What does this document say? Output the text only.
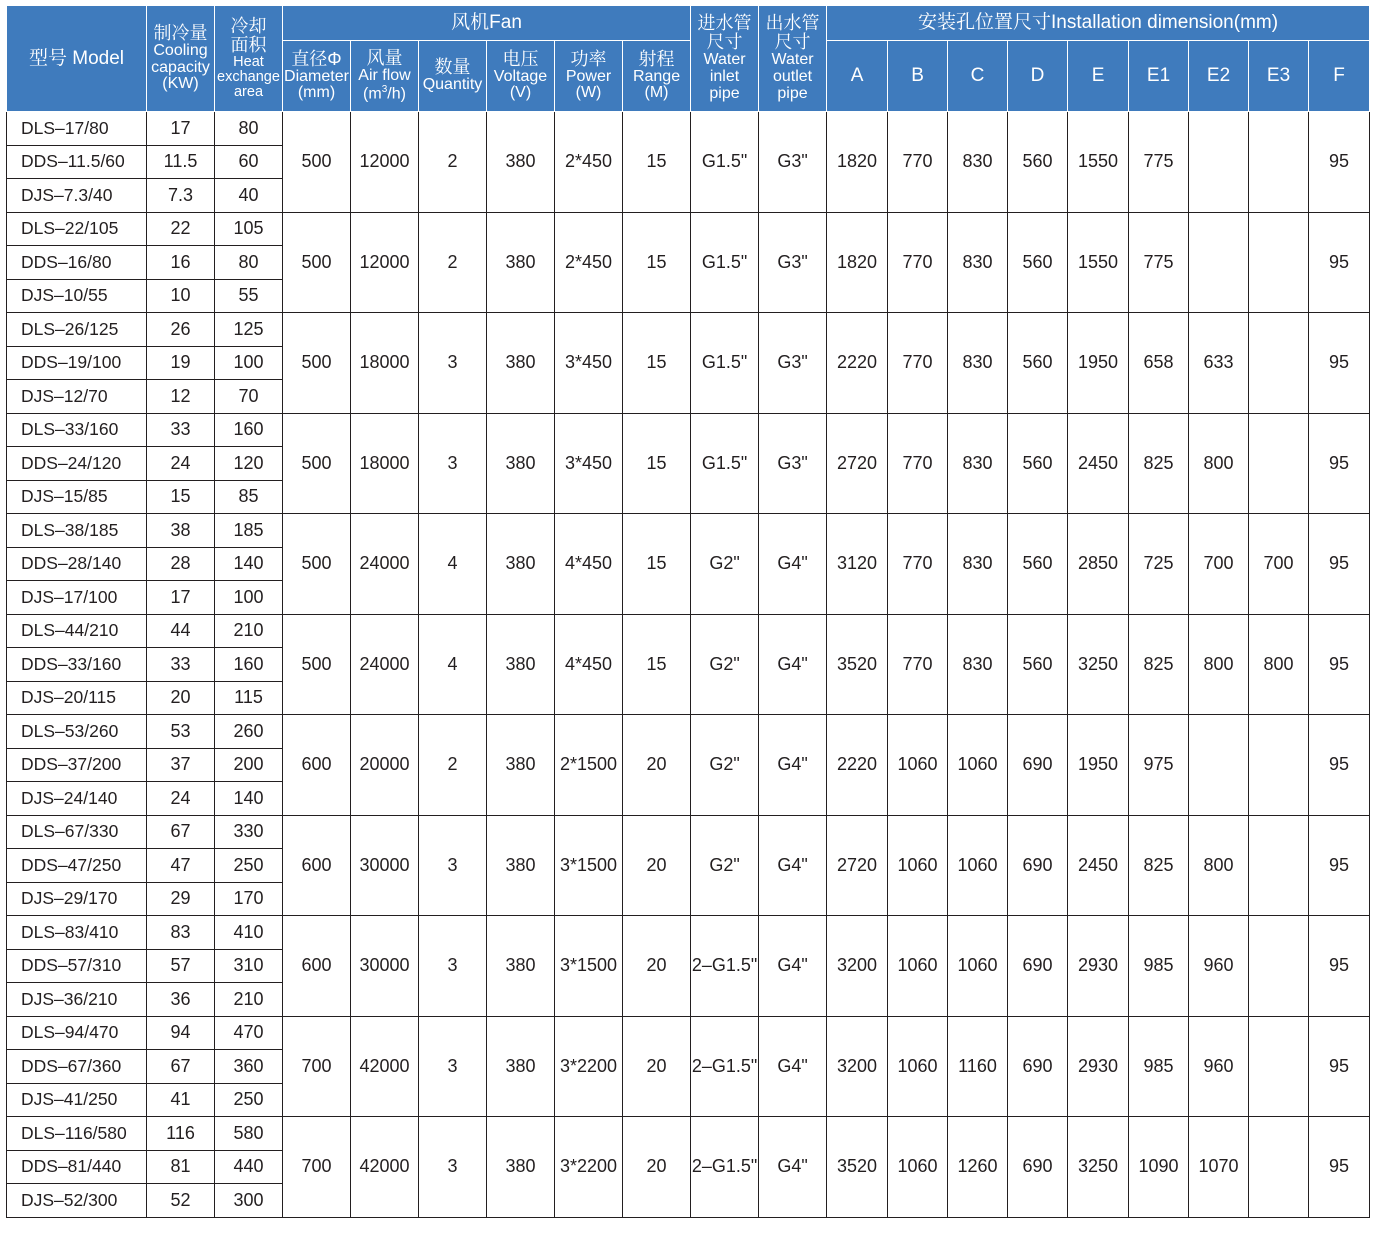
型号 Model	制冷量
Cooling
capacity
(KW)	冷却
面积
Heat
exchange
area	风机Fan						进水管
尺寸
Water
inlet
pipe	出水管
尺寸
Water
outlet
pipe	安装孔位置尺寸Installation dimension(mm)								

			直径Φ
Diameter
(mm)	风量
Air flow
$(m^3/h)$	数量
Quantity	电压
Voltage
(V)	功率
Power
(W)	射程
Range
(M)			A	B	C	D	E	E1	E2	E3	F
DLS–17/80	17	80	500	12000	2	380	2*450	15	G1.5"	G3"	1820	770	830	560	1550	775			95
DDS–11.5/60	11.5	60																	
DJS–7.3/40	7.3	40																	
DLS–22/105	22	105	500	12000	2	380	2*450	15	G1.5"	G3"	1820	770	830	560	1550	775			95
DDS–16/80	16	80																	
DJS–10/55	10	55																	
DLS–26/125	26	125	500	18000	3	380	3*450	15	G1.5"	G3"	2220	770	830	560	1950	658	633		95
DDS–19/100	19	100																	
DJS–12/70	12	70																	
DLS–33/160	33	160	500	18000	3	380	3*450	15	G1.5"	G3"	2720	770	830	560	2450	825	800		95
DDS–24/120	24	120																	
DJS–15/85	15	85																	
DLS–38/185	38	185	500	24000	4	380	4*450	15	G2"	G4"	3120	770	830	560	2850	725	700	700	95
DDS–28/140	28	140																	
DJS–17/100	17	100																	
DLS–44/210	44	210	500	24000	4	380	4*450	15	G2"	G4"	3520	770	830	560	3250	825	800	800	95
DDS–33/160	33	160																	
DJS–20/115	20	115																	
DLS–53/260	53	260	600	20000	2	380	2*1500	20	G2"	G4"	2220	1060	1060	690	1950	975			95
DDS–37/200	37	200																	
DJS–24/140	24	140																	
DLS–67/330	67	330	600	30000	3	380	3*1500	20	G2"	G4"	2720	1060	1060	690	2450	825	800		95
DDS–47/250	47	250																	
DJS–29/170	29	170																	
DLS–83/410	83	410	600	30000	3	380	3*1500	20	2–G1.5"	G4"	3200	1060	1060	690	2930	985	960		95
DDS–57/310	57	310																	
DJS–36/210	36	210																	
DLS–94/470	94	470	700	42000	3	380	3*2200	20	2–G1.5"	G4"	3200	1060	1160	690	2930	985	960		95
DDS–67/360	67	360																	
DJS–41/250	41	250																	
DLS–116/580	116	580	700	42000	3	380	3*2200	20	2–G1.5"	G4"	3520	1060	1260	690	3250	1090	1070		95
DDS–81/440	81	440																	
DJS–52/300	52	300																	
